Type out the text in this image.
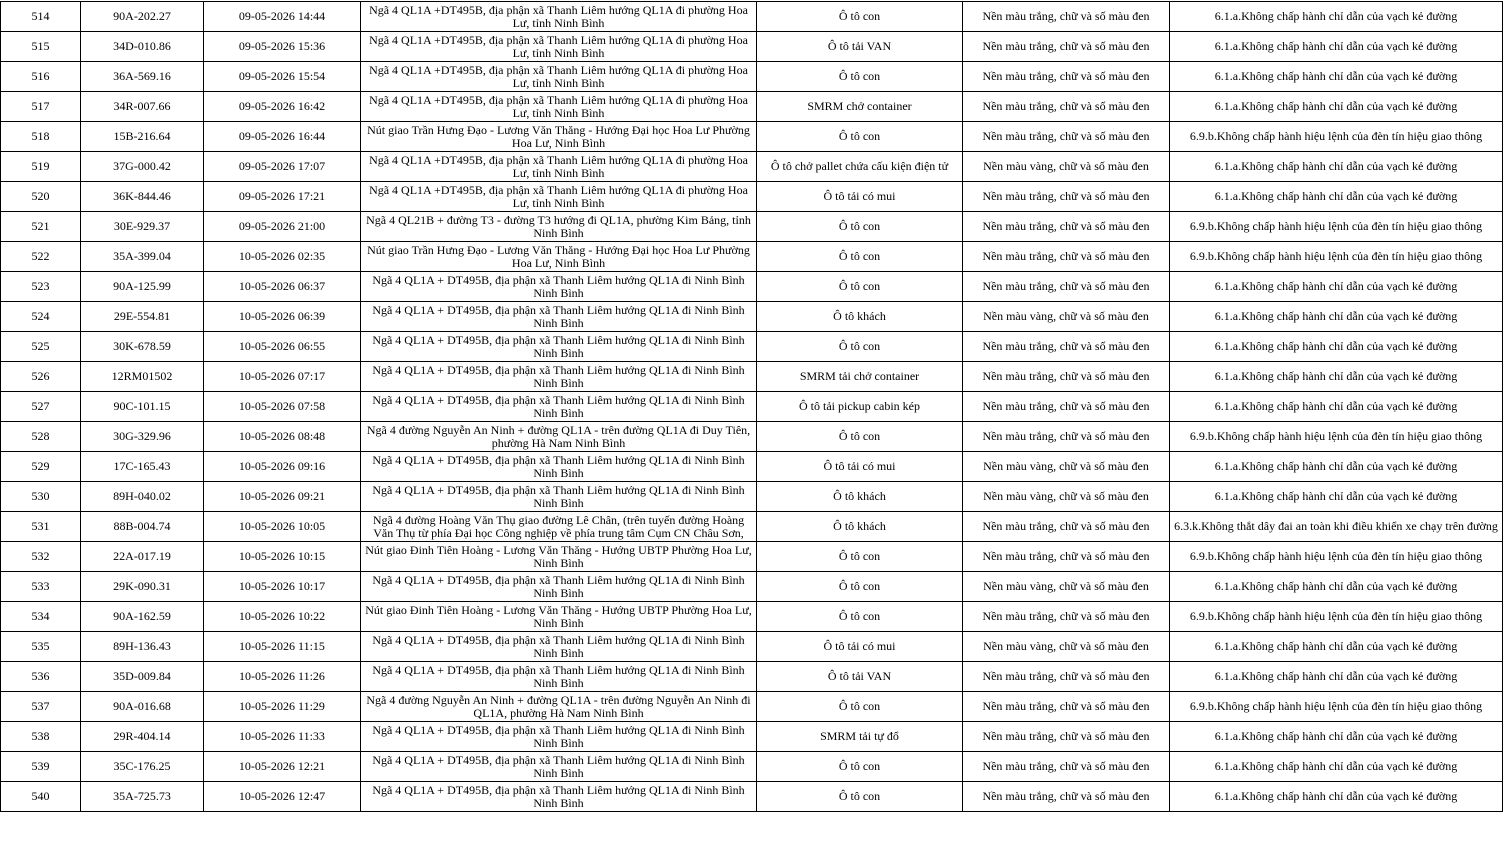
514	90A-202.27	09-05-2026 14:44	Ngã 4 QL1A +DT495B, địa phận xã Thanh Liêm hướng QL1A đi phường Hoa Lư, tỉnh Ninh Bình	Ô tô con	Nền màu trắng, chữ và số màu đen	6.1.a.Không chấp hành chỉ dẫn của vạch kẻ đường
515	34D-010.86	09-05-2026 15:36	Ngã 4 QL1A +DT495B, địa phận xã Thanh Liêm hướng QL1A đi phường Hoa Lư, tỉnh Ninh Bình	Ô tô tải VAN	Nền màu trắng, chữ và số màu đen	6.1.a.Không chấp hành chỉ dẫn của vạch kẻ đường
516	36A-569.16	09-05-2026 15:54	Ngã 4 QL1A +DT495B, địa phận xã Thanh Liêm hướng QL1A đi phường Hoa Lư, tỉnh Ninh Bình	Ô tô con	Nền màu trắng, chữ và số màu đen	6.1.a.Không chấp hành chỉ dẫn của vạch kẻ đường
517	34R-007.66	09-05-2026 16:42	Ngã 4 QL1A +DT495B, địa phận xã Thanh Liêm hướng QL1A đi phường Hoa Lư, tỉnh Ninh Bình	SMRM chở container	Nền màu trắng, chữ và số màu đen	6.1.a.Không chấp hành chỉ dẫn của vạch kẻ đường
518	15B-216.64	09-05-2026 16:44	Nút giao Trần Hưng Đạo - Lương Văn Thăng - Hướng Đại học Hoa Lư Phường Hoa Lư, Ninh Bình	Ô tô con	Nền màu trắng, chữ và số màu đen	6.9.b.Không chấp hành hiệu lệnh của đèn tín hiệu giao thông
519	37G-000.42	09-05-2026 17:07	Ngã 4 QL1A +DT495B, địa phận xã Thanh Liêm hướng QL1A đi phường Hoa Lư, tỉnh Ninh Bình	Ô tô chở pallet chứa cấu kiện điện tử	Nền màu vàng, chữ và số màu đen	6.1.a.Không chấp hành chỉ dẫn của vạch kẻ đường
520	36K-844.46	09-05-2026 17:21	Ngã 4 QL1A +DT495B, địa phận xã Thanh Liêm hướng QL1A đi phường Hoa Lư, tỉnh Ninh Bình	Ô tô tải có mui	Nền màu trắng, chữ và số màu đen	6.1.a.Không chấp hành chỉ dẫn của vạch kẻ đường
521	30E-929.37	09-05-2026 21:00	Ngã 4 QL21B + đường T3 - đường T3 hướng đi QL1A, phường Kim Bảng, tỉnh Ninh Bình	Ô tô con	Nền màu trắng, chữ và số màu đen	6.9.b.Không chấp hành hiệu lệnh của đèn tín hiệu giao thông
522	35A-399.04	10-05-2026 02:35	Nút giao Trần Hưng Đạo - Lương Văn Thăng - Hướng Đại học Hoa Lư Phường Hoa Lư, Ninh Bình	Ô tô con	Nền màu trắng, chữ và số màu đen	6.9.b.Không chấp hành hiệu lệnh của đèn tín hiệu giao thông
523	90A-125.99	10-05-2026 06:37	Ngã 4 QL1A + DT495B, địa phận xã Thanh Liêm hướng QL1A đi Ninh Bình Ninh Bình	Ô tô con	Nền màu trắng, chữ và số màu đen	6.1.a.Không chấp hành chỉ dẫn của vạch kẻ đường
524	29E-554.81	10-05-2026 06:39	Ngã 4 QL1A + DT495B, địa phận xã Thanh Liêm hướng QL1A đi Ninh Bình Ninh Bình	Ô tô khách	Nền màu vàng, chữ và số màu đen	6.1.a.Không chấp hành chỉ dẫn của vạch kẻ đường
525	30K-678.59	10-05-2026 06:55	Ngã 4 QL1A + DT495B, địa phận xã Thanh Liêm hướng QL1A đi Ninh Bình Ninh Bình	Ô tô con	Nền màu trắng, chữ và số màu đen	6.1.a.Không chấp hành chỉ dẫn của vạch kẻ đường
526	12RM01502	10-05-2026 07:17	Ngã 4 QL1A + DT495B, địa phận xã Thanh Liêm hướng QL1A đi Ninh Bình Ninh Bình	SMRM tải chở container	Nền màu trắng, chữ và số màu đen	6.1.a.Không chấp hành chỉ dẫn của vạch kẻ đường
527	90C-101.15	10-05-2026 07:58	Ngã 4 QL1A + DT495B, địa phận xã Thanh Liêm hướng QL1A đi Ninh Bình Ninh Bình	Ô tô tải pickup cabin kép	Nền màu trắng, chữ và số màu đen	6.1.a.Không chấp hành chỉ dẫn của vạch kẻ đường
528	30G-329.96	10-05-2026 08:48	Ngã 4 đường Nguyễn An Ninh + đường QL1A - trên đường QL1A đi Duy Tiên, phường Hà Nam Ninh Bình	Ô tô con	Nền màu trắng, chữ và số màu đen	6.9.b.Không chấp hành hiệu lệnh của đèn tín hiệu giao thông
529	17C-165.43	10-05-2026 09:16	Ngã 4 QL1A + DT495B, địa phận xã Thanh Liêm hướng QL1A đi Ninh Bình Ninh Bình	Ô tô tải có mui	Nền màu vàng, chữ và số màu đen	6.1.a.Không chấp hành chỉ dẫn của vạch kẻ đường
530	89H-040.02	10-05-2026 09:21	Ngã 4 QL1A + DT495B, địa phận xã Thanh Liêm hướng QL1A đi Ninh Bình Ninh Bình	Ô tô khách	Nền màu vàng, chữ và số màu đen	6.1.a.Không chấp hành chỉ dẫn của vạch kẻ đường
531	88B-004.74	10-05-2026 10:05	Ngã 4 đường Hoàng Văn Thụ giao đường Lê Chân, (trên tuyến đường Hoàng Văn Thụ từ phía Đại học Công nghiệp về phía trung tâm Cụm CN Châu Sơn,	Ô tô khách	Nền màu trắng, chữ và số màu đen	6.3.k.Không thắt dây đai an toàn khi điều khiển xe chạy trên đường
532	22A-017.19	10-05-2026 10:15	Nút giao Đinh Tiên Hoàng - Lương Văn Thăng - Hướng UBTP Phường Hoa Lư, Ninh Bình	Ô tô con	Nền màu trắng, chữ và số màu đen	6.9.b.Không chấp hành hiệu lệnh của đèn tín hiệu giao thông
533	29K-090.31	10-05-2026 10:17	Ngã 4 QL1A + DT495B, địa phận xã Thanh Liêm hướng QL1A đi Ninh Bình Ninh Bình	Ô tô con	Nền màu vàng, chữ và số màu đen	6.1.a.Không chấp hành chỉ dẫn của vạch kẻ đường
534	90A-162.59	10-05-2026 10:22	Nút giao Đinh Tiên Hoàng - Lương Văn Thăng - Hướng UBTP Phường Hoa Lư, Ninh Bình	Ô tô con	Nền màu trắng, chữ và số màu đen	6.9.b.Không chấp hành hiệu lệnh của đèn tín hiệu giao thông
535	89H-136.43	10-05-2026 11:15	Ngã 4 QL1A + DT495B, địa phận xã Thanh Liêm hướng QL1A đi Ninh Bình Ninh Bình	Ô tô tải có mui	Nền màu vàng, chữ và số màu đen	6.1.a.Không chấp hành chỉ dẫn của vạch kẻ đường
536	35D-009.84	10-05-2026 11:26	Ngã 4 QL1A + DT495B, địa phận xã Thanh Liêm hướng QL1A đi Ninh Bình Ninh Bình	Ô tô tải VAN	Nền màu trắng, chữ và số màu đen	6.1.a.Không chấp hành chỉ dẫn của vạch kẻ đường
537	90A-016.68	10-05-2026 11:29	Ngã 4 đường Nguyễn An Ninh + đường QL1A - trên đường Nguyễn An Ninh đi QL1A, phường Hà Nam Ninh Bình	Ô tô con	Nền màu trắng, chữ và số màu đen	6.9.b.Không chấp hành hiệu lệnh của đèn tín hiệu giao thông
538	29R-404.14	10-05-2026 11:33	Ngã 4 QL1A + DT495B, địa phận xã Thanh Liêm hướng QL1A đi Ninh Bình Ninh Bình	SMRM tải tự đổ	Nền màu trắng, chữ và số màu đen	6.1.a.Không chấp hành chỉ dẫn của vạch kẻ đường
539	35C-176.25	10-05-2026 12:21	Ngã 4 QL1A + DT495B, địa phận xã Thanh Liêm hướng QL1A đi Ninh Bình Ninh Bình	Ô tô con	Nền màu trắng, chữ và số màu đen	6.1.a.Không chấp hành chỉ dẫn của vạch kẻ đường
540	35A-725.73	10-05-2026 12:47	Ngã 4 QL1A + DT495B, địa phận xã Thanh Liêm hướng QL1A đi Ninh Bình Ninh Bình	Ô tô con	Nền màu trắng, chữ và số màu đen	6.1.a.Không chấp hành chỉ dẫn của vạch kẻ đường
